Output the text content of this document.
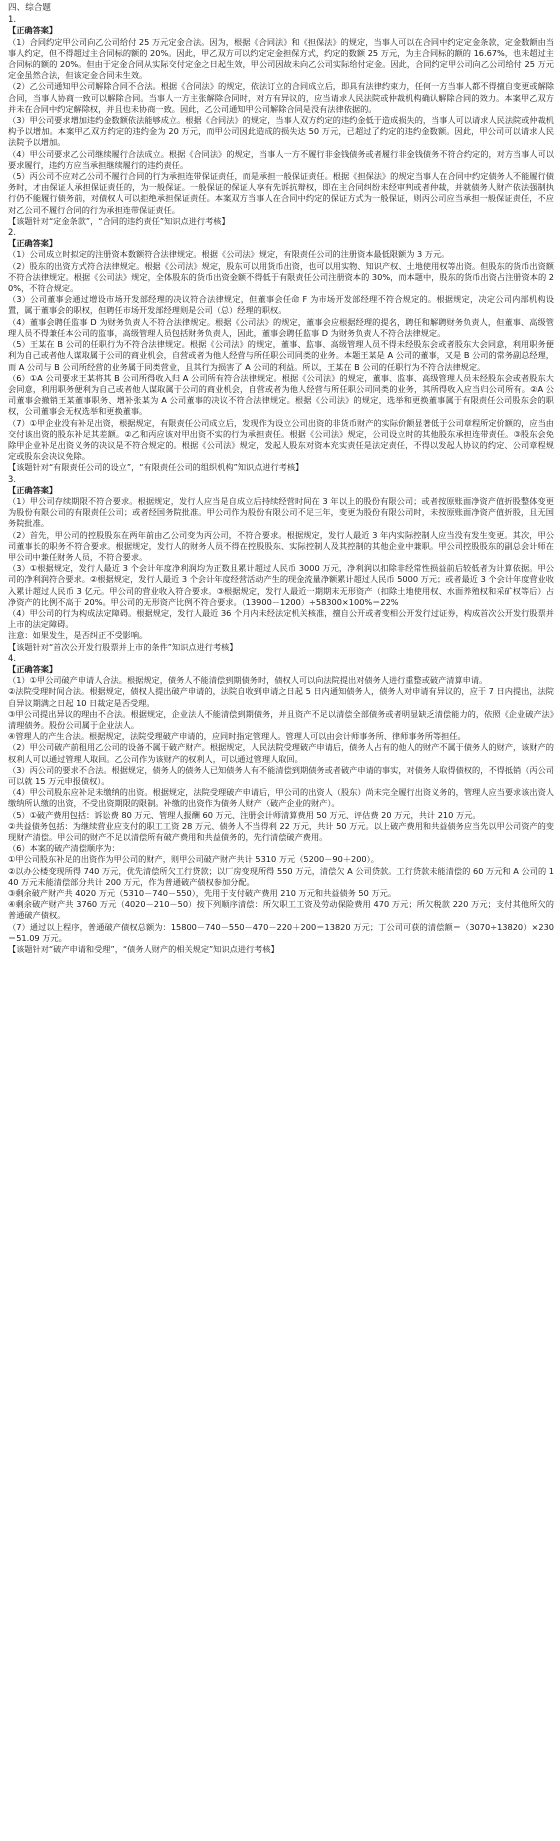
四、综合题
1.
【正确答案】
（1）合同约定甲公司向乙公司给付 25 万元定金合法。因为，根据《合同法》和《担保法》的规定，当事人可以在合同中约定定金条款，定金数额由当事人约定，但不得超过主合同标的额的 20%。因此，甲乙双方可以约定定金担保方式，约定的数额 25 万元，为主合同标的额的 16.67%，也未超过主合同标的额的 20%。但由于定金合同从实际交付定金之日起生效，甲公司因故未向乙公司实际给付定金。因此，合同约定甲公司向乙公司给付 25 万元定金虽然合法，但该定金合同未生效。
（2）乙公司通知甲公司解除合同不合法。根据《合同法》的规定，依法订立的合同成立后，即具有法律约束力，任何一方当事人都不得擅自变更或解除合同，当事人协商一致可以解除合同。当事人一方主张解除合同时，对方有异议的，应当请求人民法院或仲裁机构确认解除合同的效力。本案甲乙双方并未在合同中约定解除权，并且也未协商一致。因此，乙公司通知甲公司解除合同是没有法律依据的。
（3）甲公司要求增加违约金数额依法能够成立。根据《合同法》的规定，当事人双方约定的违约金低于造成损失的，当事人可以请求人民法院或仲裁机构予以增加。本案甲乙双方约定的违约金为 20 万元，而甲公司因此造成的损失达 50 万元，已超过了约定的违约金数额。因此，甲公司可以请求人民法院予以增加。
（4）甲公司要求乙公司继续履行合法成立。根据《合同法》的规定，当事人一方不履行非金钱债务或者履行非金钱债务不符合约定的，对方当事人可以要求履行，违约方应当承担继续履行的违约责任。
（5）丙公司不应对乙公司不履行合同的行为承担连带保证责任，而是承担一般保证责任。根据《担保法》的规定当事人在合同中约定债务人不能履行债务时，才由保证人承担保证责任的，为一般保证。一般保证的保证人享有先诉抗辩权，即在主合同纠纷未经审判或者仲裁，并就债务人财产依法强制执行仍不能履行债务前，对债权人可以拒绝承担保证责任。本案双方当事人在合同中约定的保证方式为一般保证，则丙公司应当承担一般保证责任，不应对乙公司不履行合同的行为承担连带保证责任。
【该题针对“定金条款”，“合同的违约责任”知识点进行考核】
2.
【正确答案】
（1）公司成立时拟定的注册资本数额符合法律规定。根据《公司法》规定，有限责任公司的注册资本最低限额为 3 万元。
（2）股东的出资方式符合法律规定。根据《公司法》规定，股东可以用货币出资，也可以用实物、知识产权、土地使用权等出资。但股东的货币出资额不符合法律规定。根据《公司法》规定，全体股东的货币出资金额不得低于有限责任公司注册资本的 30%，而本题中，股东的货币出资占注册资本的 20%，不符合规定。
（3）公司董事会通过增设市场开发部经理的决议符合法律规定，但董事会任命 F 为市场开发部经理不符合规定的。根据规定，决定公司内部机构设置，属于董事会的职权，但聘任市场开发部经理则是公司（总）经理的职权。
（4）董事会聘任监事 D 为财务负责人不符合法律规定。根据《公司法》的规定，董事会应根据经理的提名，聘任和解聘财务负责人，但董事、高级管理人员不得兼任本公司的监事，高级管理人员包括财务负责人，因此，董事会聘任监事 D 为财务负责人不符合法律规定。
（5）王某在 B 公司的任职行为不符合法律规定。根据《公司法》的规定，董事、监事、高级管理人员不得未经股东会或者股东大会同意，利用职务便利为自己或者他人谋取属于公司的商业机会，自营或者为他人经营与所任职公司同类的业务。本题王某是 A 公司的董事，又是 B 公司的常务副总经理，而 A 公司与 B 公司所经营的业务属于同类营业，且其行为损害了 A 公司的利益。所以，王某在 B 公司的任职行为不符合法律规定。
（6）①A 公司要求王某将其 B 公司所得收入归 A 公司所有符合法律规定。根据《公司法》的规定，董事、监事、高级管理人员未经股东会或者股东大会同意，利用职务便利为自己或者他人谋取属于公司的商业机会，自营或者为他人经营与所任职公司同类的业务，其所得收入应当归公司所有。②A 公司董事会撤销王某董事职务、增补张某为 A 公司董事的决议不符合法律规定。根据《公司法》的规定，选举和更换董事属于有限责任公司股东会的职权，公司董事会无权选举和更换董事。
（7）①甲企业没有补足出资，根据规定，有限责任公司成立后，发现作为设立公司出资的非货币财产的实际价额显著低于公司章程所定价额的，应当由交付该出资的股东补足其差额。②乙和丙应该对甲出资不实的行为承担责任。根据《公司法》规定，公司设立时的其他股东承担连带责任。③股东会免除甲企业补足出资义务的决议是不符合规定的。根据《公司法》规定，发起人股东对资本充实责任是法定责任，不得以发起人协议的约定、公司章程规定或股东会决议免除。
【该题针对“有限责任公司的设立”，“有限责任公司的组织机构”知识点进行考核】
3.
【正确答案】
（1）甲公司存续期限不符合要求。根据规定，发行人应当是自成立后持续经营时间在 3 年以上的股份有限公司；或者按原账面净资产值折股整体变更为股份有限公司的有限责任公司；或者经国务院批准。甲公司作为股份有限公司不足三年，变更为股份有限公司时，未按原账面净资产值折股，且无国务院批准。
（2）首先，甲公司的控股股东在两年前由乙公司变为丙公司，不符合要求。根据规定，发行人最近 3 年内实际控制人应当没有发生变更。其次，甲公司董事长的职务不符合要求。根据规定，发行人的财务人员不得在控股股东、实际控制人及其控制的其他企业中兼职。甲公司控股股东的副总会计师在甲公司中兼任财务人员，不符合要求。
（3）①根据规定，发行人最近 3 个会计年度净利润均为正数且累计超过人民币 3000 万元，净利润以扣除非经常性损益前后较低者为计算依据。甲公司的净利润符合要求。②根据规定，发行人最近 3 个会计年度经营活动产生的现金流量净额累计超过人民币 5000 万元；或者最近 3 个会计年度营业收入累计超过人民币 3 亿元。甲公司的营业收入符合要求。③根据规定，发行人最近一期期末无形资产（扣除土地使用权、水面养殖权和采矿权等后）占净资产的比例不高于 20%。甲公司的无形资产比例不符合要求。（13900－1200）÷58300×100%＝22%
（4）甲公司的行为构成法定障碍。根据规定，发行人最近 36 个月内未经法定机关核准，擅自公开或者变相公开发行过证券，构成首次公开发行股票并上市的法定障碍。
注意：如果发生，是否纠正不受影响。
【该题针对“首次公开发行股票并上市的条件”知识点进行考核】
4.
【正确答案】
（1）①甲公司破产申请人合法。根据规定，债务人不能清偿到期债务时，债权人可以向法院提出对债务人进行重整或破产清算申请。
②法院受理时间合法。根据规定，债权人提出破产申请的，法院自收到申请之日起 5 日内通知债务人，债务人对申请有异议的，应于 7 日内提出，法院自异议期满之日起 10 日裁定是否受理。
③甲公司提出异议的理由不合法。根据规定，企业法人不能清偿到期债务，并且资产不足以清偿全部债务或者明显缺乏清偿能力的，依照《企业破产法》清理债务。股份公司属于企业法人。
④管理人的产生合法。根据规定，法院受理破产申请的，应同时指定管理人。管理人可以由会计师事务所、律师事务所等担任。
（2）甲公司破产前租用乙公司的设备不属于破产财产。根据规定，人民法院受理破产申请后，债务人占有的他人的财产不属于债务人的财产，该财产的权利人可以通过管理人取回。乙公司作为该财产的权利人，可以通过管理人取回。
（3）丙公司的要求不合法。根据规定，债务人的债务人已知债务人有不能清偿到期债务或者破产申请的事实，对债务人取得债权的，不得抵销（丙公司可以就 15 万元申报债权）。
（4）甲公司股东应补足未缴纳的出资。根据规定，法院受理破产申请后，甲公司的出资人（股东）尚未完全履行出资义务的，管理人应当要求该出资人缴纳所认缴的出资，不受出资期限的限制。补缴的出资作为债务人财产（破产企业的财产）。
（5）①破产费用包括：诉讼费 80 万元、管理人报酬 60 万元、注册会计师清算费用 50 万元、评估费 20 万元，共计 210 万元。
②共益债务包括：为继续营业应支付的职工工资 28 万元、债务人不当得利 22 万元，共计 50 万元。以上破产费用和共益债务应当先以甲公司资产的变现财产清偿。甲公司的财产不足以清偿所有破产费用和共益债务的，先行清偿破产费用。
（6）本案的破产清偿顺序为：
①甲公司股东补足的出资作为甲公司的财产，则甲公司破产财产共计 5310 万元（5200－90＋200）。
②以办公楼变现所得 740 万元，优先清偿所欠工行贷款；以厂房变现所得 550 万元，清偿欠 A 公司贷款。工行贷款未能清偿的 60 万元和 A 公司的 140 万元未能清偿部分共计 200 万元，作为普通破产债权参加分配。
③剩余破产财产共 4020 万元（5310－740－550），先用于支付破产费用 210 万元和共益债务 50 万元。
④剩余破产财产共 3760 万元（4020－210－50）按下列顺序清偿：所欠职工工资及劳动保险费用 470 万元；所欠税款 220 万元；支付其他所欠的普通破产债权。
（7）通过以上程序，普通破产债权总额为：15800－740－550－470－220＋200＝13820 万元；丁公司可获的清偿额＝（3070÷13820）×230＝51.09 万元。
【该题针对“破产申请和受理”，“债务人财产的相关规定”知识点进行考核】
